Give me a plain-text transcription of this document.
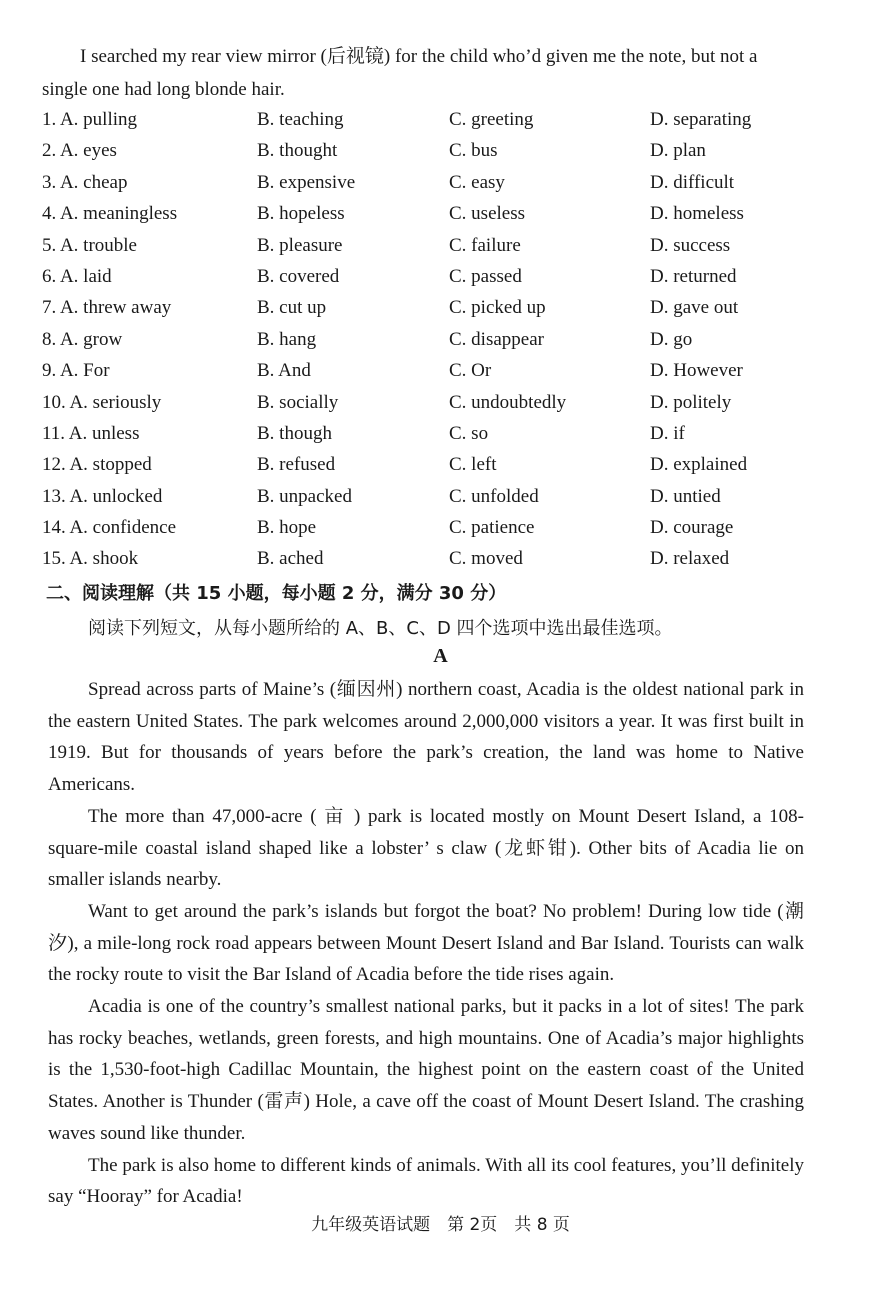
I searched my rear view mirror (后视镜) for the child who’d given me the note, but not a
single one had long blonde hair.
1. A. pulling	B. teaching	C. greeting	D. separating
2. A. eyes	B. thought	C. bus	D. plan
3. A. cheap	B. expensive	C. easy	D. difficult
4. A. meaningless	B. hopeless	C. useless	D. homeless
5. A. trouble	B. pleasure	C. failure	D. success
6. A. laid	B. covered	C. passed	D. returned
7. A. threw away	B. cut up	C. picked up	D. gave out
8. A. grow	B. hang	C. disappear	D. go
9. A. For	B. And	C. Or	D. However
10. A. seriously	B. socially	C. undoubtedly	D. politely
11. A. unless	B. though	C. so	D. if
12. A. stopped	B. refused	C. left	D. explained
13. A. unlocked	B. unpacked	C. unfolded	D. untied
14. A. confidence	B. hope	C. patience	D. courage
15. A. shook	B. ached	C. moved	D. relaxed
二、阅读理解（共 15 小题，每小题 2 分，满分 30 分）
阅读下列短文，从每小题所给的 A、B、C、D 四个选项中选出最佳选项。
A

Spread across parts of Maine’s (缅因州) northern coast, Acadia is the oldest national park in the eastern United States. The park welcomes around 2,000,000 visitors a year. It was first built in 1919. But for thousands of years before the park’s creation, the land was home to Native Americans.

The more than 47,000-acre ( 亩 ) park is located mostly on Mount Desert Island, a 108-square-mile coastal island shaped like a lobster’ s claw (龙虾钳). Other bits of Acadia lie on smaller islands nearby.

Want to get around the park’s islands but forgot the boat? No problem! During low tide (潮汐), a mile-long rock road appears between Mount Desert Island and Bar Island. Tourists can walk the rocky route to visit the Bar Island of Acadia before the tide rises again.

Acadia is one of the country’s smallest national parks, but it packs in a lot of sites! The park has rocky beaches, wetlands, green forests, and high mountains. One of Acadia’s major highlights is the 1,530-foot-high Cadillac Mountain, the highest point on the eastern coast of the United States. Another is Thunder (雷声) Hole, a cave off the coast of Mount Desert Island. The crashing waves sound like thunder.

The park is also home to different kinds of animals. With all its cool features, you’ll definitely say “Hooray” for Acadia!

九年级英语试题　第 2页　共 8 页
